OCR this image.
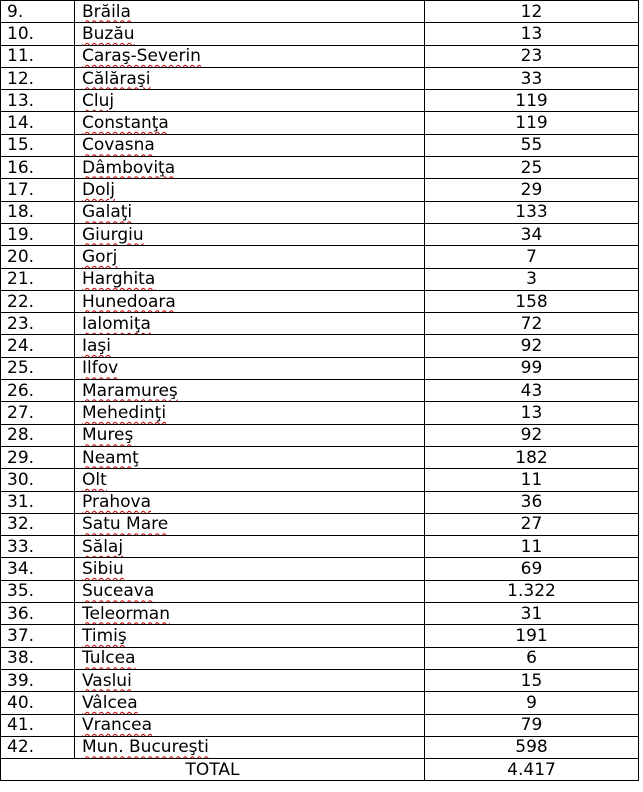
9.	Brăila	12
10.	Buzău	13
11.	Caraş-Severin	23
12.	Călăraşi	33
13.	Cluj	119
14.	Constanţa	119
15.	Covasna	55
16.	Dâmboviţa	25
17.	Dolj	29
18.	Galaţi	133
19.	Giurgiu	34
20.	Gorj	7
21.	Harghita	3
22.	Hunedoara	158
23.	Ialomiţa	72
24.	Iaşi	92
25.	Ilfov	99
26.	Maramureş	43
27.	Mehedinţi	13
28.	Mureş	92
29.	Neamţ	182
30.	Olt	11
31.	Prahova	36
32.	Satu Mare	27
33.	Sălaj	11
34.	Sibiu	69
35.	Suceava	1.322
36.	Teleorman	31
37.	Timiş	191
38.	Tulcea	6
39.	Vaslui	15
40.	Vâlcea	9
41.	Vrancea	79
42.	Mun. Bucureşti	598
TOTAL		4.417
